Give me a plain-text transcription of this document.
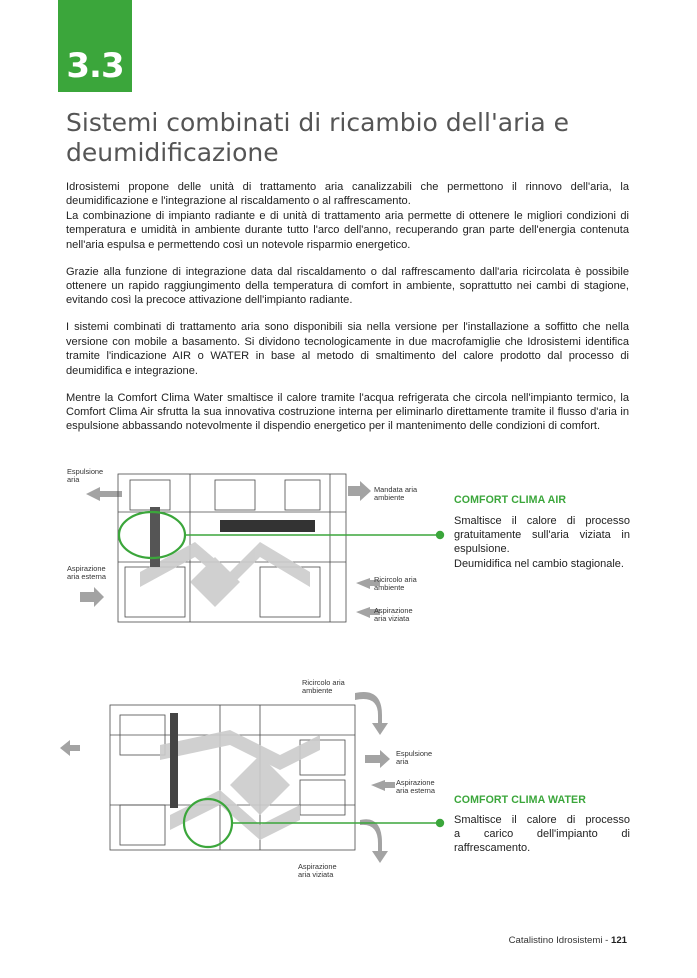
3.3
Sistemi combinati di ricambio dell'aria e deumidificazione

Idrosistemi propone delle unità di trattamento aria canalizzabili che permettono il rinnovo dell'aria, la deumidificazione e l'integrazione al riscaldamento o al raffrescamento.

La combinazione di impianto radiante e di unità di trattamento aria permette di ottenere le migliori condizioni di temperatura e umidità in ambiente durante tutto l'arco dell'anno, recuperando gran parte dell'energia contenuta nell'aria espulsa e permettendo così un notevole risparmio energetico.

Grazie alla funzione di integrazione data dal riscaldamento o dal raffrescamento dall'aria ricircolata è possibile ottenere un rapido raggiungimento della temperatura di comfort in ambiente, soprattutto nei cambi di stagione, evitando così la precoce attivazione dell'impianto radiante.

I sistemi combinati di trattamento aria sono disponibili sia nella versione per l'installazione a soffitto che nella versione con mobile a basamento. Si dividono tecnologicamente in due macrofamiglie che Idrosistemi identifica tramite l'indicazione AIR o WATER in base al metodo di smaltimento del calore prodotto dal processo di deumidifica e integrazione.

Mentre la Comfort Clima Water smaltisce il calore tramite l'acqua refrigerata che circola nell'impianto termico, la Comfort Clima Air sfrutta la sua innovativa costruzione interna per eliminarlo direttamente tramite il flusso d'aria in espulsione abbassando notevolmente il dispendio energetico per il mantenimento delle condizioni di comfort.

Espulsione
aria
Aspirazione
aria esterna
Mandata aria
ambiente
Ricircolo aria
ambiente
Aspirazione
aria viziata
COMFORT CLIMA AIR
Smaltisce il calore di processo
gratuitamente sull'aria viziata in
espulsione.
Deumidifica nel cambio stagionale.
Ricircolo aria
ambiente
Espulsione
aria
Aspirazione
aria esterna
Aspirazione
aria viziata
COMFORT CLIMA WATER
Smaltisce il calore di processo
a carico dell'impianto di
raffrescamento.
Catalistino Idrosistemi - 121
